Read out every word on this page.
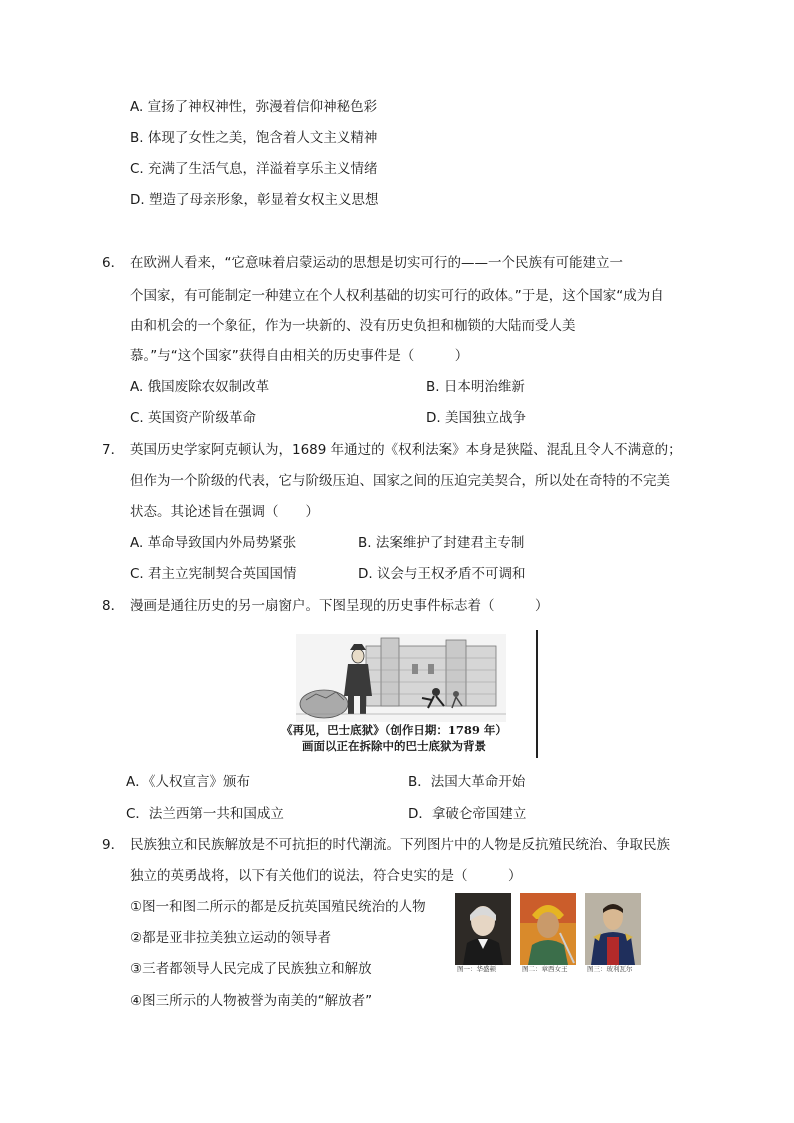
A. 宣扬了神权神性，弥漫着信仰神秘色彩
B. 体现了女性之美，饱含着人文主义精神
C. 充满了生活气息，洋溢着享乐主义情绪
D. 塑造了母亲形象，彰显着女权主义思想
6． 在欧洲人看来，“它意味着启蒙运动的思想是切实可行的——一个民族有可能建立一
个国家，有可能制定一种建立在个人权利基础的切实可行的政体。”于是，这个国家“成为自
由和机会的一个象征，作为一块新的、没有历史负担和枷锁的大陆而受人美
慕。”与“这个国家”获得自由相关的历史事件是（　　　）
A. 俄国废除农奴制改革	B. 日本明治维新
C. 英国资产阶级革命	D. 美国独立战争
7． 英国历史学家阿克顿认为，1689 年通过的《权利法案》本身是狭隘、混乱且令人不满意的；
但作为一个阶级的代表，它与阶级压迫、国家之间的压迫完美契合，所以处在奇特的不完美
状态。其论述旨在强调（　　）
A. 革命导致国内外局势紧张	B. 法案维护了封建君主专制
C. 君主立宪制契合英国国情	D. 议会与王权矛盾不可调和
8． 漫画是通往历史的另一扇窗户。下图呈现的历史事件标志着（　　　）
《再见，巴士底狱》（创作日期：1789 年）
画面以正在拆除中的巴士底狱为背景
A．《人权宣言》颁布	B．法国大革命开始
C．法兰西第一共和国成立	D．拿破仑帝国建立
9． 民族独立和民族解放是不可抗拒的时代潮流。下列图片中的人物是反抗殖民统治、争取民族
独立的英勇战将，以下有关他们的说法，符合史实的是（　　　）
①图一和图二所示的都是反抗英国殖民统治的人物
②都是亚非拉美独立运动的领导者
③三者都领导人民完成了民族独立和解放
④图三所示的人物被誉为南美的“解放者”
图一：华盛顿	图二：章西女王	图三：玻利瓦尔
